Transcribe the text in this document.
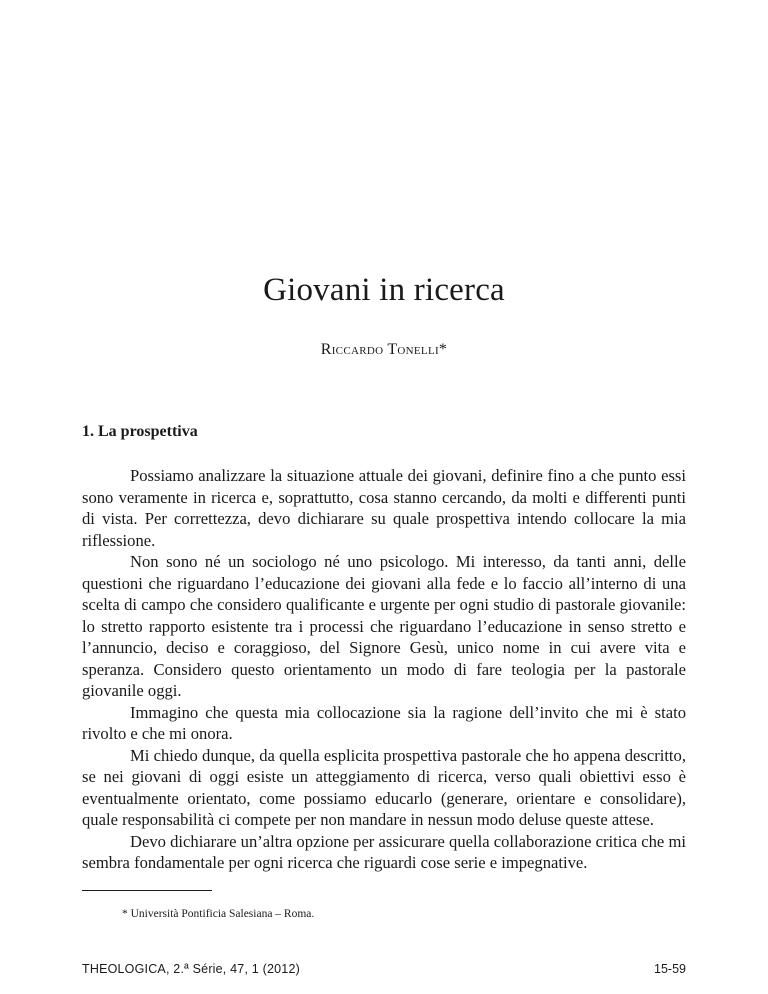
Giovani in ricerca
Riccardo Tonelli*
1. La prospettiva

Possiamo analizzare la situazione attuale dei giovani, definire fino a che punto essi sono veramente in ricerca e, soprattutto, cosa stanno cercando, da molti e differenti punti di vista. Per correttezza, devo dichiarare su quale prospettiva intendo collocare la mia riflessione.

Non sono né un sociologo né uno psicologo. Mi interesso, da tanti anni, delle questioni che riguardano l’educazione dei giovani alla fede e lo faccio all’interno di una scelta di campo che considero qualificante e urgente per ogni studio di pastorale giovanile: lo stretto rapporto esistente tra i processi che riguardano l’educazione in senso stretto e l’annuncio, deciso e coraggioso, del Signore Gesù, unico nome in cui avere vita e speranza. Considero questo orientamento un modo di fare teologia per la pastorale giovanile oggi.

Immagino che questa mia collocazione sia la ragione dell’invito che mi è stato rivolto e che mi onora.

Mi chiedo dunque, da quella esplicita prospettiva pastorale che ho appena descritto, se nei giovani di oggi esiste un atteggiamento di ricerca, verso quali obiettivi esso è eventualmente orientato, come possiamo educarlo (generare, orientare e consolidare), quale responsabilità ci compete per non mandare in nessun modo deluse queste attese.

Devo dichiarare un’altra opzione per assicurare quella collaborazione critica che mi sembra fondamentale per ogni ricerca che riguardi cose serie e impegnative.

* Università Pontificia Salesiana – Roma.
THEOLOGICA, 2.ª Série, 47, 1 (2012)	15-59
